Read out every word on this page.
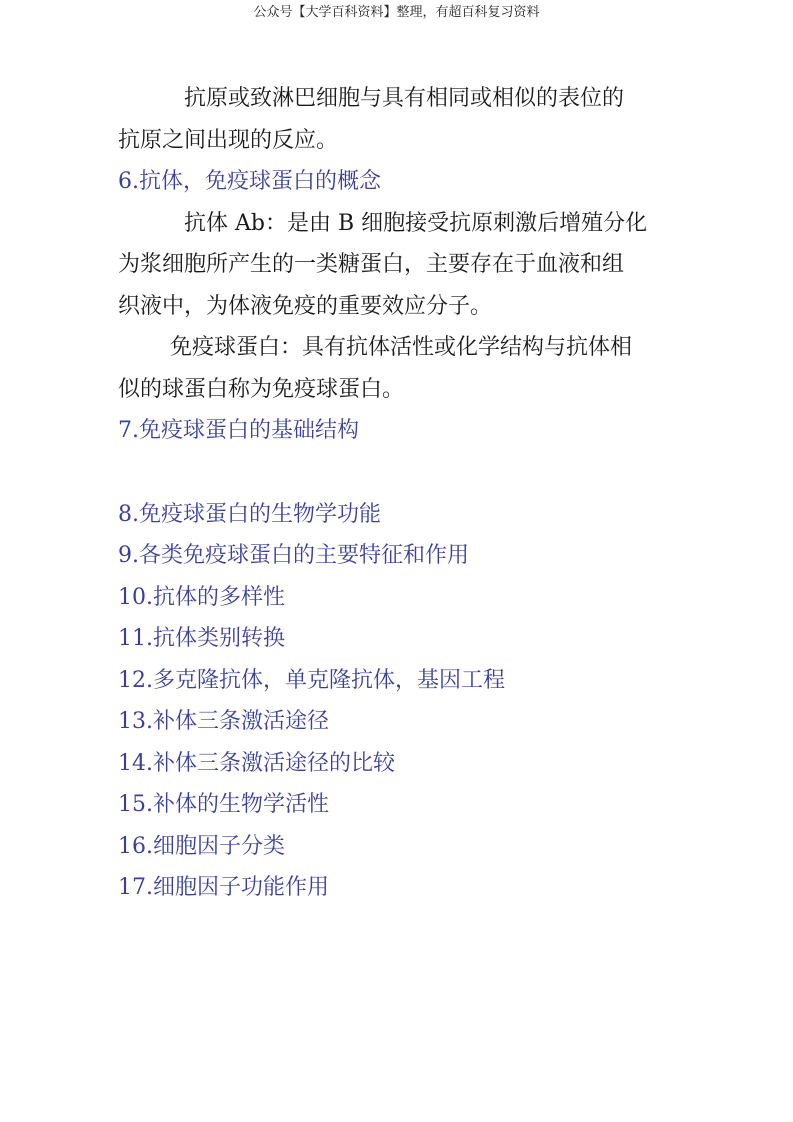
公众号【大学百科资料】整理，有超百科复习资料

抗原或致淋巴细胞与具有相同或相似的表位的

抗原之间出现的反应。

6.抗体，免疫球蛋白的概念

抗体 Ab：是由 B 细胞接受抗原刺激后增殖分化

为浆细胞所产生的一类糖蛋白，主要存在于血液和组

织液中，为体液免疫的重要效应分子。

免疫球蛋白：具有抗体活性或化学结构与抗体相

似的球蛋白称为免疫球蛋白。

7.免疫球蛋白的基础结构

8.免疫球蛋白的生物学功能

9.各类免疫球蛋白的主要特征和作用

10.抗体的多样性

11.抗体类别转换

12.多克隆抗体，单克隆抗体，基因工程

13.补体三条激活途径

14.补体三条激活途径的比较

15.补体的生物学活性

16.细胞因子分类

17.细胞因子功能作用
